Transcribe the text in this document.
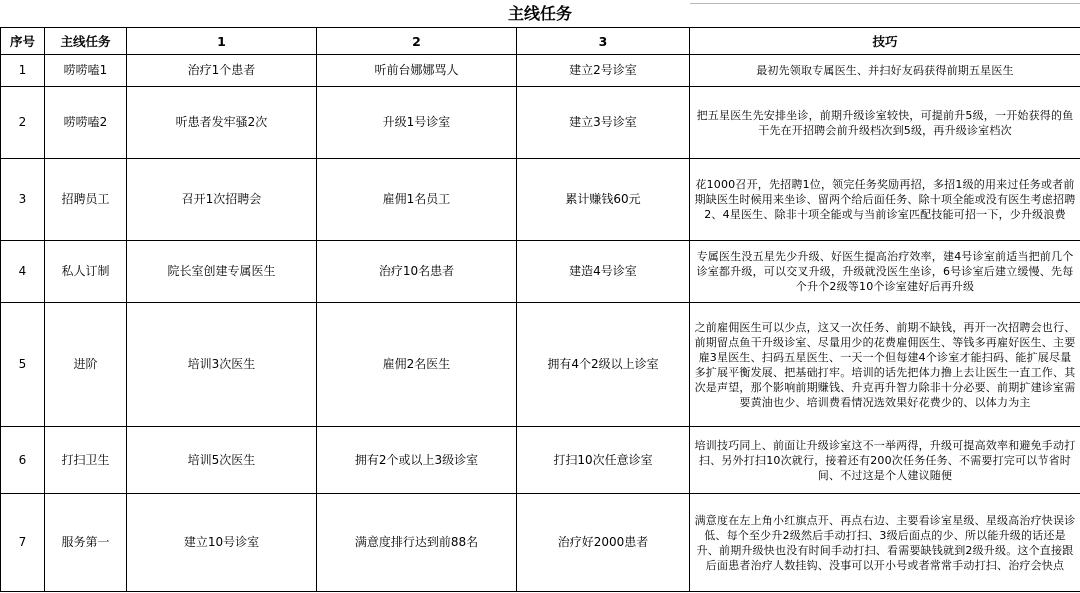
主线任务
序号	主线任务	1	2	3	技巧
1	唠唠嗑1	治疗1个患者	听前台娜娜骂人	建立2号诊室	最初先领取专属医生、并扫好友码获得前期五星医生
2	唠唠嗑2	听患者发牢骚2次	升级1号诊室	建立3号诊室	把五星医生先安排坐诊，前期升级诊室较快，可提前升5级，一开始获得的鱼干先在开招聘会前升级档次到5级，再升级诊室档次
3	招聘员工	召开1次招聘会	雇佣1名员工	累计赚钱60元	花1000召开，先招聘1位，领完任务奖励再招，多招1级的用来过任务或者前期缺医生时候用来坐诊、留两个给后面任务、除十项全能或没有医生考虑招聘2、4星医生、除非十项全能或与当前诊室匹配技能可招一下，少升级浪费
4	私人订制	院长室创建专属医生	治疗10名患者	建造4号诊室	专属医生没五星先少升级、好医生提高治疗效率，建4号诊室前适当把前几个诊室都升级，可以交叉升级，升级就没医生坐诊，6号诊室后建立缓慢、先每个升个2级等10个诊室建好后再升级
5	进阶	培训3次医生	雇佣2名医生	拥有4个2级以上诊室	之前雇佣医生可以少点，这又一次任务、前期不缺钱，再开一次招聘会也行、前期留点鱼干升级诊室、尽量用少的花费雇佣医生、等钱多再雇好医生、主要雇3星医生、扫码五星医生、一天一个但每建4个诊室才能扫码、能扩展尽量多扩展平衡发展、把基础打牢。培训的话先把体力撸上去让医生一直工作、其次是声望，那个影响前期赚钱、升克再升智力除非十分必要、前期扩建诊室需要黄油也少、培训费看情况选效果好花费少的、以体力为主
6	打扫卫生	培训5次医生	拥有2个或以上3级诊室	打扫10次任意诊室	培训技巧同上、前面让升级诊室这不一举两得，升级可提高效率和避免手动打扫、另外打扫10次就行，接着还有200次任务任务、不需要打完可以节省时间、不过这是个人建议随便
7	服务第一	建立10号诊室	满意度排行达到前88名	治疗好2000患者	满意度在左上角小红旗点开、再点右边、主要看诊室星级、星级高治疗快误诊低、每个至少升2级然后手动打扫、3级后面点的少、所以能升级的话还是升、前期升级快也没有时间手动打扫、看需要缺钱就到2级升级。这个直接跟后面患者治疗人数挂钩、没事可以开小号或者常常手动打扫、治疗会快点
